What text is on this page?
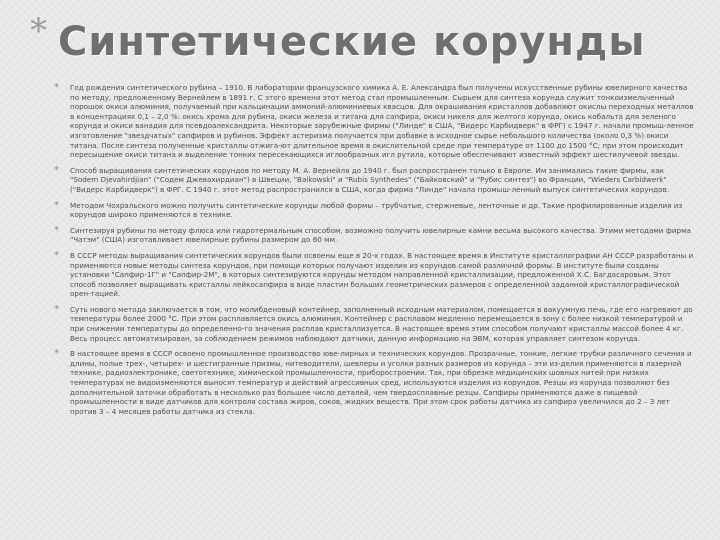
* Синтетические корунды
* Год рождения синтетического рубина – 1910. В лаборатории французского химика А. Е. Александра был получены искусственные рубины ювелирного качества по методу, предложенному Вернейлем в 1891 г. С этого времени этот метод стал промышленным. Сырьем для синтеза корунда служит тонкоизмельченный порошок окиси алюминия, получаемый при кальцинации аммоний-алюминиевых квасцов. Для окрашивания кристаллов добавляют окислы переходных металлов в концентрациях 0,1 – 2,0 %: окись хрома для рубина, окиси железа и титана для сапфира, окиси никеля для желтого корунда, окись кобальта для зеленого корунда и окиси ванадия для псевдоалександрита. Некоторые зарубежные фирмы ("Линде" в США, "Видерс Карбидверк" в ФРГ) с 1947 г. начали промыш-ленное изготовление "звездчатых" сапфиров и рубинов. Эффект астеризма получается при добавке в исходное сырье небольшого количества (около 0,3 %) окиси титана. После синтеза полученные кристаллы отжига-ют длительное время в окислительной среде при температуре от 1100 до 1500 °С; при этом происходит пересыщение окиси титана и выделение тонких пересекающихся иглообразных игл рутила, которые обеспечивают известный эффект шестилучевой звезды.
* Способ выращивания синтетических корундов по методу М. А. Вернейля до 1940 г. был распространен только в Европе. Им занимались такие фирмы, как "Sodem Djevahirdjian" ("Содем Джевахирдиан") в Швеции, "Baikowski" и "Rubis Synthedes" ("Байковский" и "Рубис синтез") во Франции, "Wieders Carbidwerk" ("Видерс Карбидверк") в ФРГ. С 1940 г. этот метод распространился в США, когда фирма "Линде" начала промыш-ленный выпуск синтетических корундов.
* Методом Чохральского можно получить синтетические корунды любой формы – трубчатые, стержневые, ленточные и др. Такие профилированные изделия из корундов широко применяются в технике.
* Синтезируя рубины по методу флюса или гидротермальным способом, возможно получить ювелирные камни весьма высокого качества. Этими методами фирма "Чатэм" (США) изготавливает ювелирные рубины размером до 60 мм.
* В СССР методы выращивания синтетических корундов были освоены еще в 20-х годах. В настоящее время в Институте кристаллографии АН СССР разработаны и применяются новые методы синтеза корундов, при помощи которых получают изделия из корундов самой различной формы. В институте были созданы установки "Сапфир-1Г" и "Сапфир-2М", в которых синтезируются корунды методом направленной кристаллизации, предложенной Х.С. Багдасаровым. Этот способ позволяет выращивать кристаллы лейкосапфира в виде пластин больших геометрических размеров с определенной заданной кристаллографической орен-тацией.
* Суть нового метода заключается в том, что молибденовый контейнер, заполненный исходным материалом, помещается в вакуумную печь, где его нагревают до температуры более 2000 °С. При этом расплавляется окись алюминия. Контейнер с расплавом медленно перемещается в зону с более низкой температурой и при снижении температуры до определенно-го значения расплав кристаллизуется. В настоящее время этим способом получают кристаллы массой более 4 кг. Весь процесс автоматизирован, за соблюдением режимов наблюдают датчики, данную информацию на ЭВМ, которая управляет синтезом корунда.
* В настоящее время в СССР освоено промышленное производство юве-лирных и технических корундов. Прозрачные, тонкие, легкие трубки различного сечения и длины, полые трех-, четырех- и шестигранные призмы, нитеводители, шевлеры и уголки разных размеров из корунда – эти из-делия применяются в лазерной технике, радиоэлектронике, светотехнике, химической промышленности, приборостроении. Так, при обрезке медицинских шовных нитей при низких температурах не видоизменяются выносят температур и действий агрессивных сред, используются изделия из корундов. Резцы из корунда позволяют без дополнительной заточки обработать в несколько раз большее число деталей, чем твердосплавные резцы. Сапфиры применяются даже в пищевой промышленности в виде датчиков для контроля состава жиров, соков, жидких веществ. При этом срок работы датчика из сапфира увеличился до 2 – 3 лет против 3 – 4 месяцев работы датчика из стекла.
